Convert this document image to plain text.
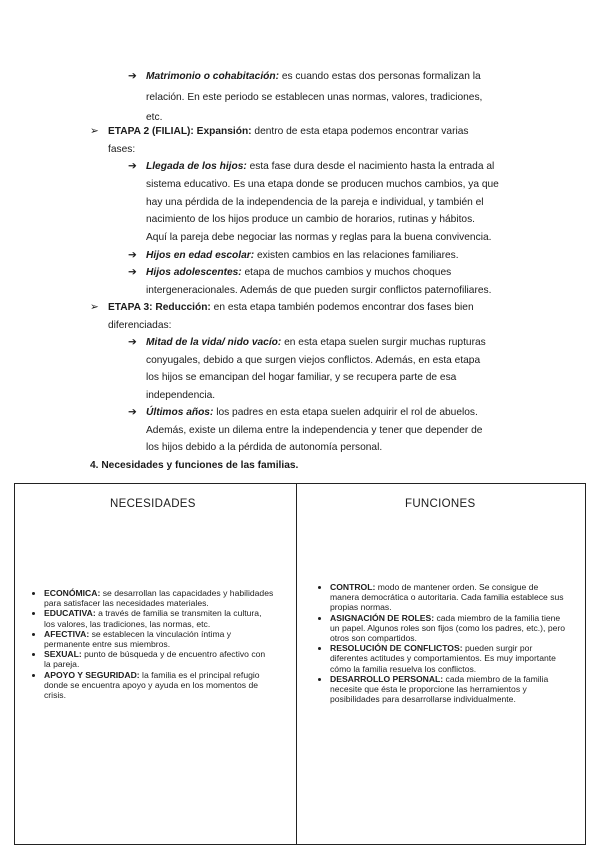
➔ Matrimonio o cohabitación: es cuando estas dos personas formalizan la
relación. En este periodo se establecen unas normas, valores, tradiciones,
etc.
➢ ETAPA 2 (FILIAL): Expansión: dentro de esta etapa podemos encontrar varias
fases:
➔ Llegada de los hijos: esta fase dura desde el nacimiento hasta la entrada al
sistema educativo. Es una etapa donde se producen muchos cambios, ya que
hay una pérdida de la independencia de la pareja e individual, y también el
nacimiento de los hijos produce un cambio de horarios, rutinas y hábitos.
Aquí la pareja debe negociar las normas y reglas para la buena convivencia.
➔ Hijos en edad escolar: existen cambios en las relaciones familiares.
➔ Hijos adolescentes: etapa de muchos cambios y muchos choques
intergeneracionales. Además de que pueden surgir conflictos paternofiliares.
➢ ETAPA 3: Reducción: en esta etapa también podemos encontrar dos fases bien
diferenciadas:
➔ Mitad de la vida/ nido vacío: en esta etapa suelen surgir muchas rupturas
conyugales, debido a que surgen viejos conflictos. Además, en esta etapa
los hijos se emancipan del hogar familiar, y se recupera parte de esa
independencia.
➔ Últimos años: los padres en esta etapa suelen adquirir el rol de abuelos.
Además, existe un dilema entre la independencia y tener que depender de
los hijos debido a la pérdida de autonomía personal.
4. Necesidades y funciones de las familias.
NECESIDADES	FUNCIONES
• ECONÓMICA: se desarrollan las capacidades y habilidades para satisfacer las necesidades materiales.
• EDUCATIVA: a través de familia se transmiten la cultura, los valores, las tradiciones, las normas, etc.
• AFECTIVA: se establecen la vinculación íntima y permanente entre sus miembros.
• SEXUAL: punto de búsqueda y de encuentro afectivo con la pareja.
• APOYO Y SEGURIDAD: la familia es el principal refugio donde se encuentra apoyo y ayuda en los momentos de crisis.
• CONTROL: modo de mantener orden. Se consigue de manera democrática o autoritaria. Cada familia establece sus propias normas.
• ASIGNACIÓN DE ROLES: cada miembro de la familia tiene un papel. Algunos roles son fijos (como los padres, etc.), pero otros son compartidos.
• RESOLUCIÓN DE CONFLICTOS: pueden surgir por diferentes actitudes y comportamientos. Es muy importante cómo la familia resuelva los conflictos.
• DESARROLLO PERSONAL: cada miembro de la familia necesite que ésta le proporcione las herramientos y posibilidades para desarrollarse individualmente.
